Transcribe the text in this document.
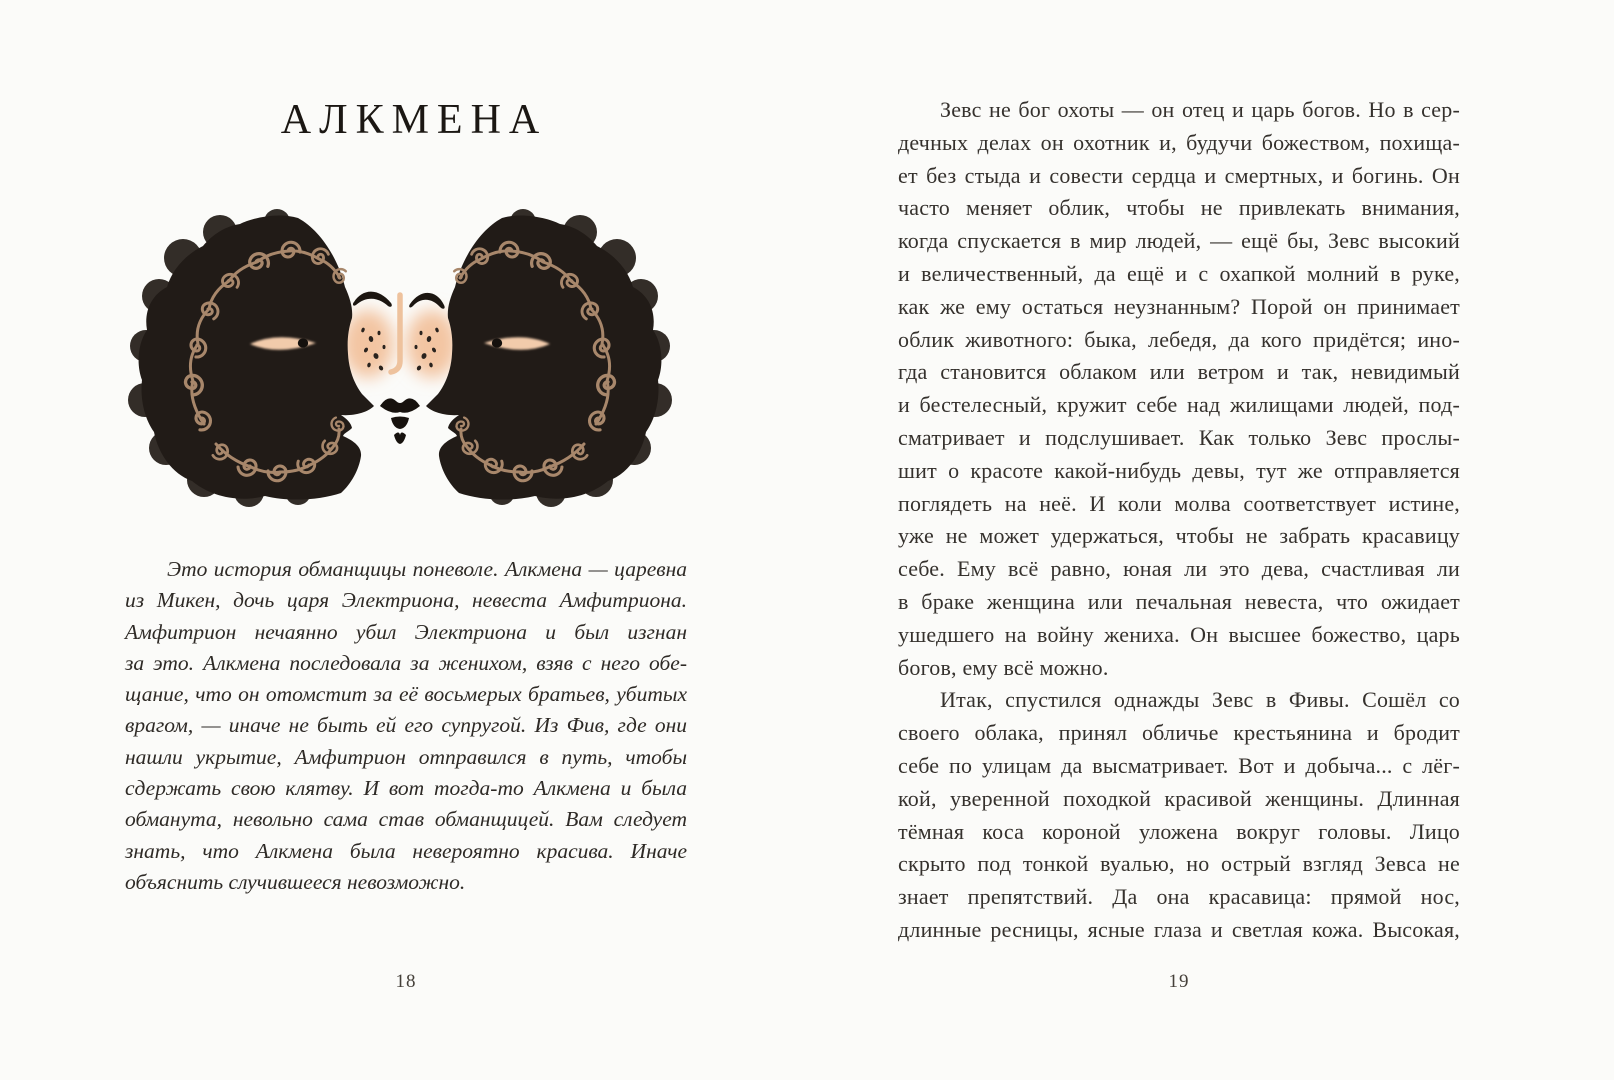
АЛКМЕНА
Это история обманщицы поневоле. Алкмена — царевна
из Микен, дочь царя Электриона, невеста Амфитриона.
Амфитрион нечаянно убил Электриона и был изгнан
за это. Алкмена последовала за женихом, взяв с него обе-
щание, что он отомстит за её восьмерых братьев, убитых
врагом, — иначе не быть ей его супругой. Из Фив, где они
нашли укрытие, Амфитрион отправился в путь, чтобы
сдержать свою клятву. И вот тогда-то Алкмена и была
обманута, невольно сама став обманщицей. Вам следует
знать, что Алкмена была невероятно красива. Иначе
объяснить случившееся невозможно.
18
Зевс не бог охоты — он отец и царь богов. Но в сер-
дечных делах он охотник и, будучи божеством, похища-
ет без стыда и совести сердца и смертных, и богинь. Он
часто меняет облик, чтобы не привлекать внимания,
когда спускается в мир людей, — ещё бы, Зевс высокий
и величественный, да ещё и с охапкой молний в руке,
как же ему остаться неузнанным? Порой он принимает
облик животного: быка, лебедя, да кого придётся; ино-
гда становится облаком или ветром и так, невидимый
и бестелесный, кружит себе над жилищами людей, под-
сматривает и подслушивает. Как только Зевс прослы-
шит о красоте какой-нибудь девы, тут же отправляется
поглядеть на неё. И коли молва соответствует истине,
уже не может удержаться, чтобы не забрать красавицу
себе. Ему всё равно, юная ли это дева, счастливая ли
в браке женщина или печальная невеста, что ожидает
ушедшего на войну жениха. Он высшее божество, царь
богов, ему всё можно.
Итак, спустился однажды Зевс в Фивы. Сошёл со
своего облака, принял обличье крестьянина и бродит
себе по улицам да высматривает. Вот и добыча... с лёг-
кой, уверенной походкой красивой женщины. Длинная
тёмная коса короной уложена вокруг головы. Лицо
скрыто под тонкой вуалью, но острый взгляд Зевса не
знает препятствий. Да она красавица: прямой нос,
длинные ресницы, ясные глаза и светлая кожа. Высокая,
19
